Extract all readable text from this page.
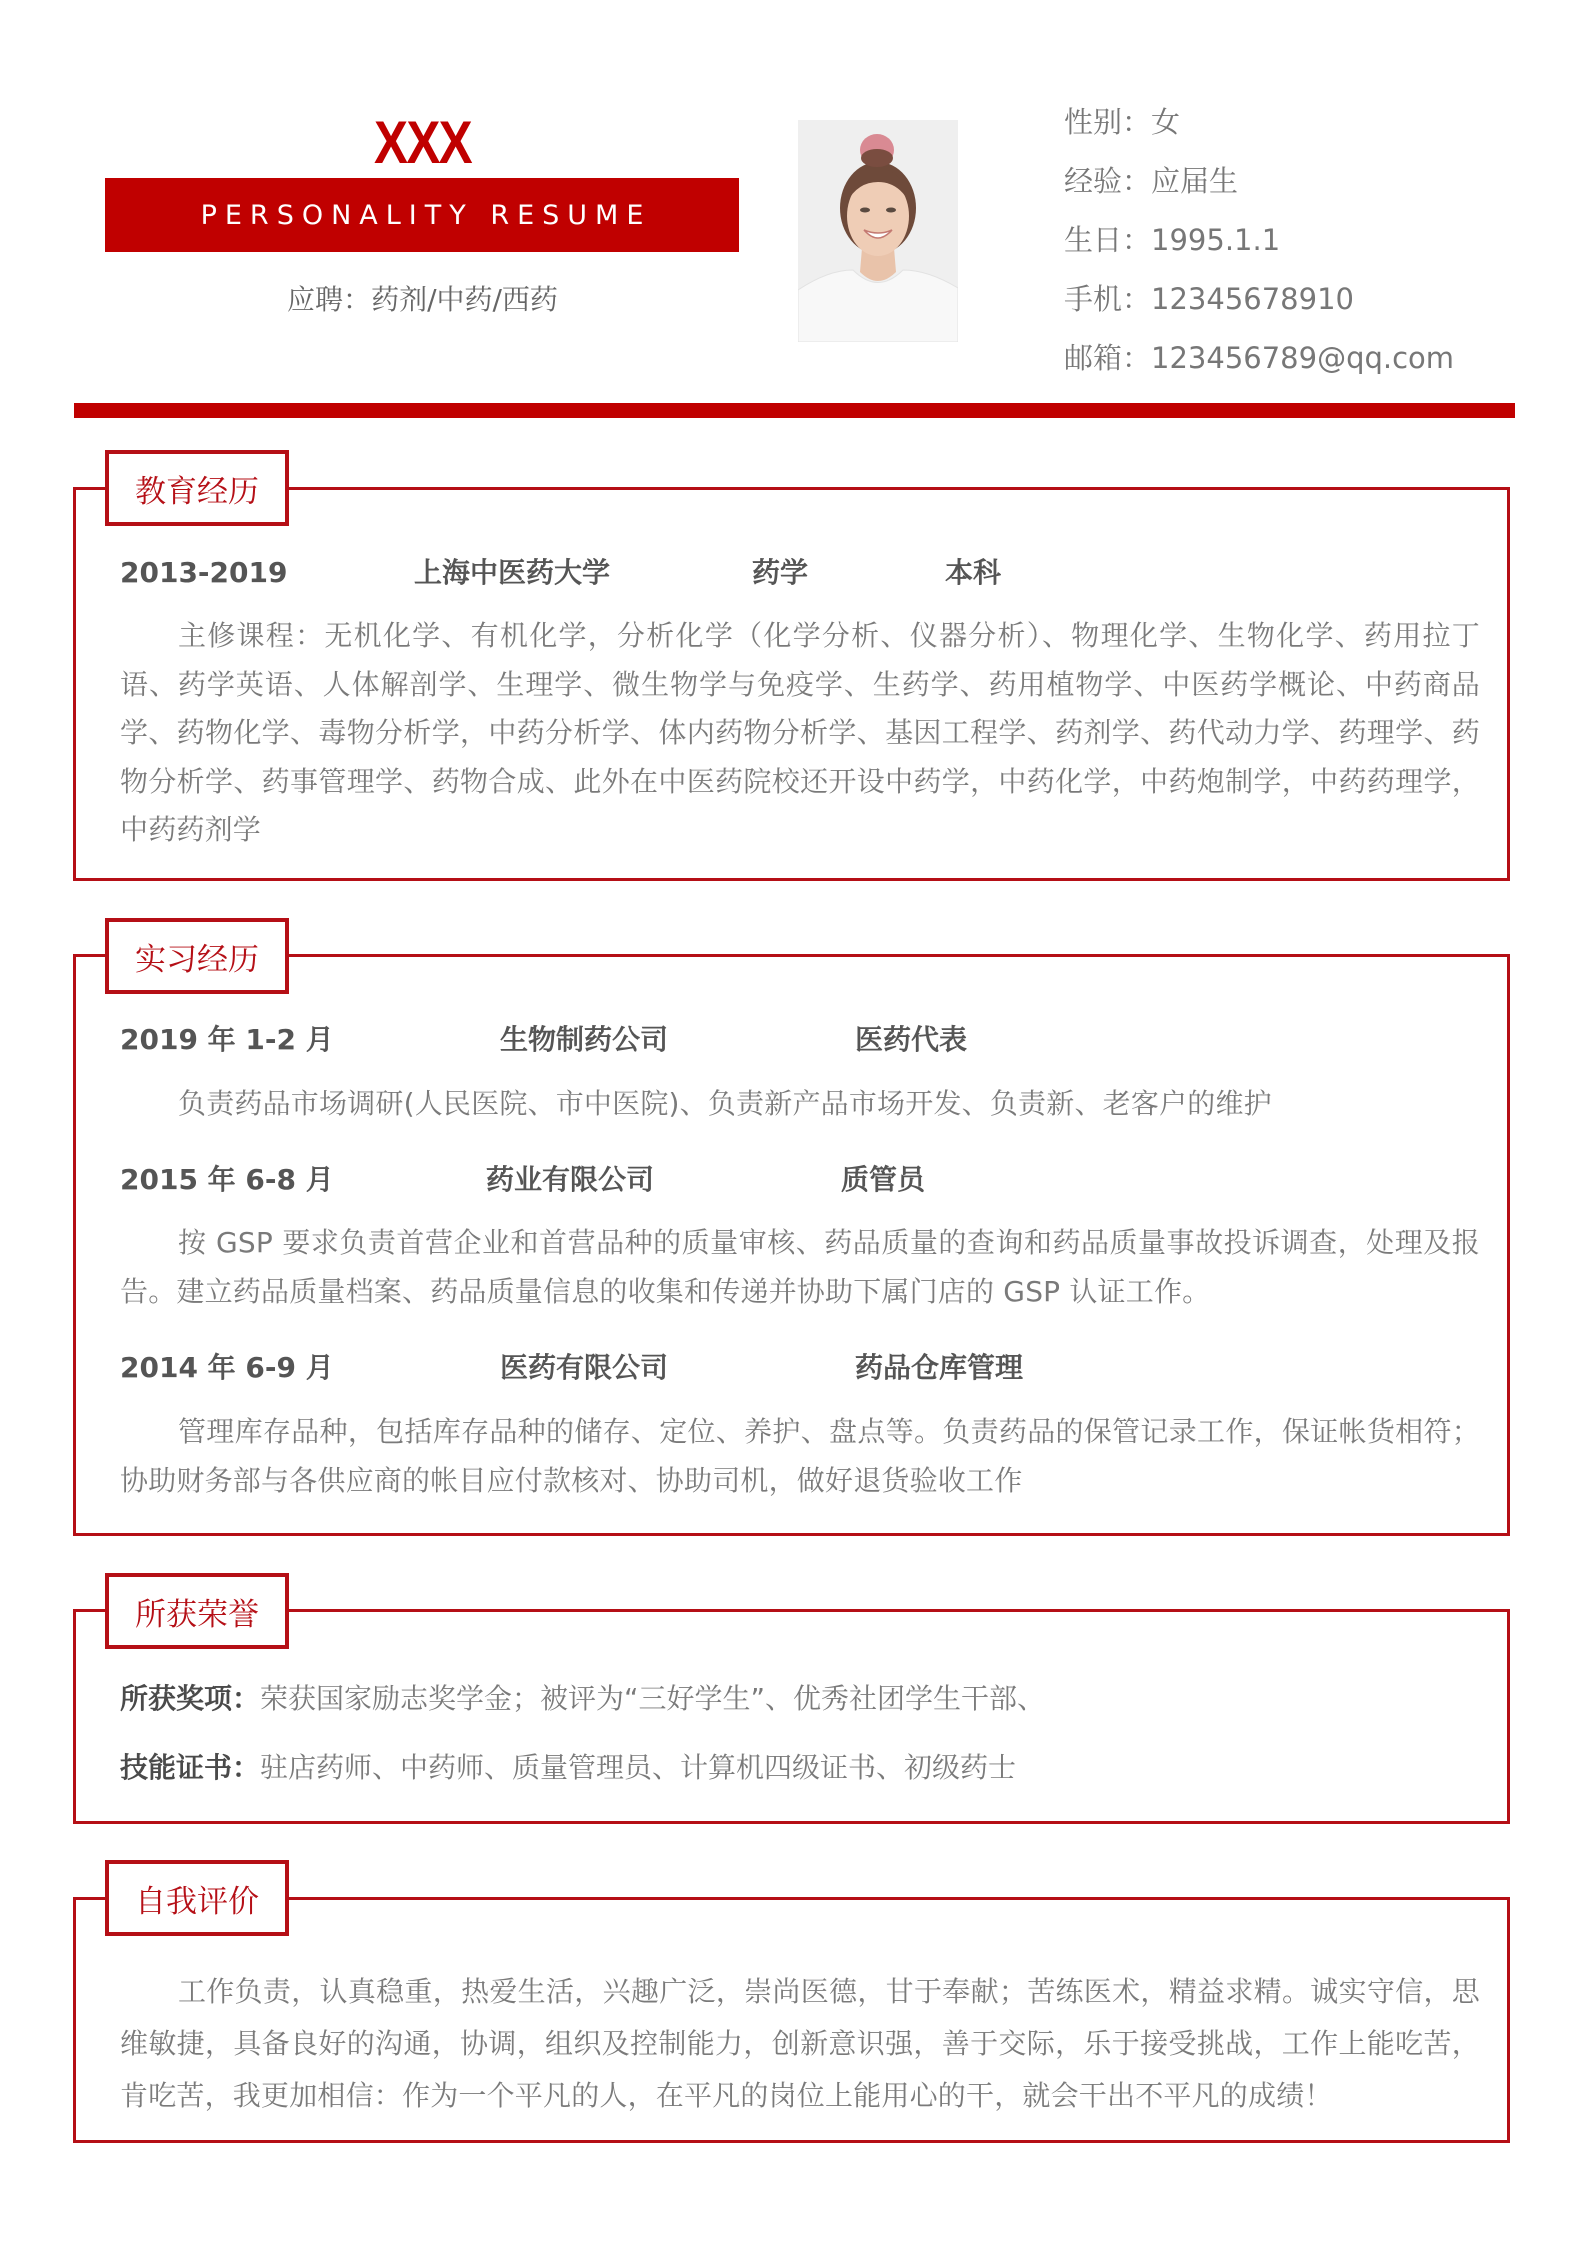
XXX
PERSONALITY RESUME
应聘：药剂/中药/西药
性别：女
经验：应届生
生日：1995.1.1
手机：12345678910
邮箱：123456789@qq.com
教育经历
2013-2019	上海中医药大学	药学	本科
主修课程：无机化学、有机化学，分析化学（化学分析、仪器分析）、物理化学、生物化学、药用拉丁语、药学英语、人体解剖学、生理学、微生物学与免疫学、生药学、药用植物学、中医药学概论、中药商品学、药物化学、毒物分析学，中药分析学、体内药物分析学、基因工程学、药剂学、药代动力学、药理学、药物分析学、药事管理学、药物合成、此外在中医药院校还开设中药学，中药化学，中药炮制学，中药药理学，中药药剂学
实习经历
2019 年 1-2 月	生物制药公司	医药代表
负责药品市场调研(人民医院、市中医院)、负责新产品市场开发、负责新、老客户的维护
2015 年 6-8 月	药业有限公司	质管员
按 GSP 要求负责首营企业和首营品种的质量审核、药品质量的查询和药品质量事故投诉调查，处理及报告。建立药品质量档案、药品质量信息的收集和传递并协助下属门店的 GSP 认证工作。
2014 年 6-9 月	医药有限公司	药品仓库管理
管理库存品种，包括库存品种的储存、定位、养护、盘点等。负责药品的保管记录工作，保证帐货相符；协助财务部与各供应商的帐目应付款核对、协助司机，做好退货验收工作
所获荣誉
所获奖项：荣获国家励志奖学金；被评为“三好学生”、优秀社团学生干部、
技能证书：驻店药师、中药师、质量管理员、计算机四级证书、初级药士
自我评价
工作负责，认真稳重，热爱生活，兴趣广泛，崇尚医德，甘于奉献；苦练医术，精益求精。诚实守信，思维敏捷，具备良好的沟通，协调，组织及控制能力，创新意识强，善于交际，乐于接受挑战，工作上能吃苦，肯吃苦，我更加相信：作为一个平凡的人，在平凡的岗位上能用心的干，就会干出不平凡的成绩！
